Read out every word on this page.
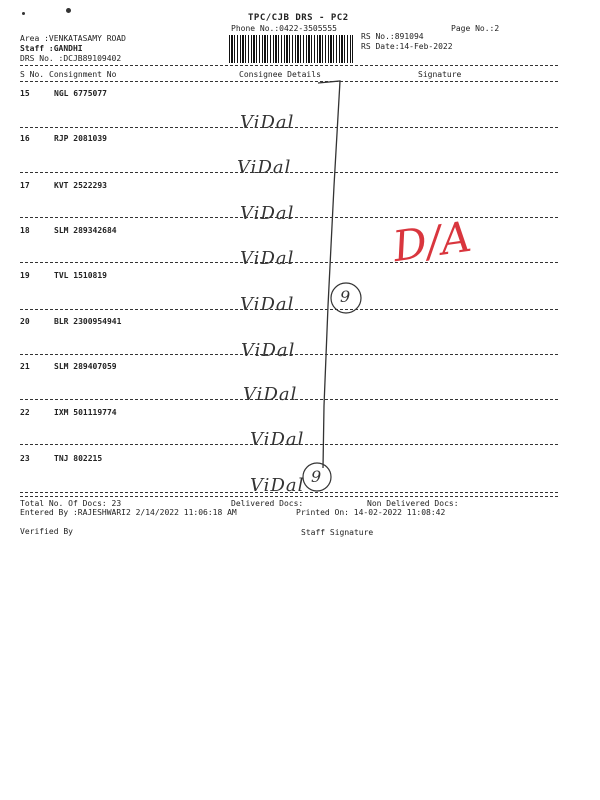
TPC/CJB DRS - PC2
Phone No.:0422-3505555	Page No.:2
Area :VENKATASAMY ROAD
Staff :GANDHI
DRS No. :DCJB89109402
RS No.:891094
RS Date:14-Feb-2022
S No. Consignment No	Consignee Details	Signature
15	NGL 6775077
ViDal
16	RJP 2081039
ViDal
17	KVT 2522293
ViDal
18	SLM 289342684
ViDal
19	TVL 1510819
ViDal
20	BLR 2300954941
ViDal
21	SLM 289407059
ViDal
22	IXM 501119774
ViDal
23	TNJ 802215
ViDal
9
9
D/A
Total No. Of Docs: 23	Delivered Docs:	Non Delivered Docs:
Entered By :RAJESHWARI2 2/14/2022 11:06:18 AM	Printed On: 14-02-2022 11:08:42
Verified By	Staff Signature
